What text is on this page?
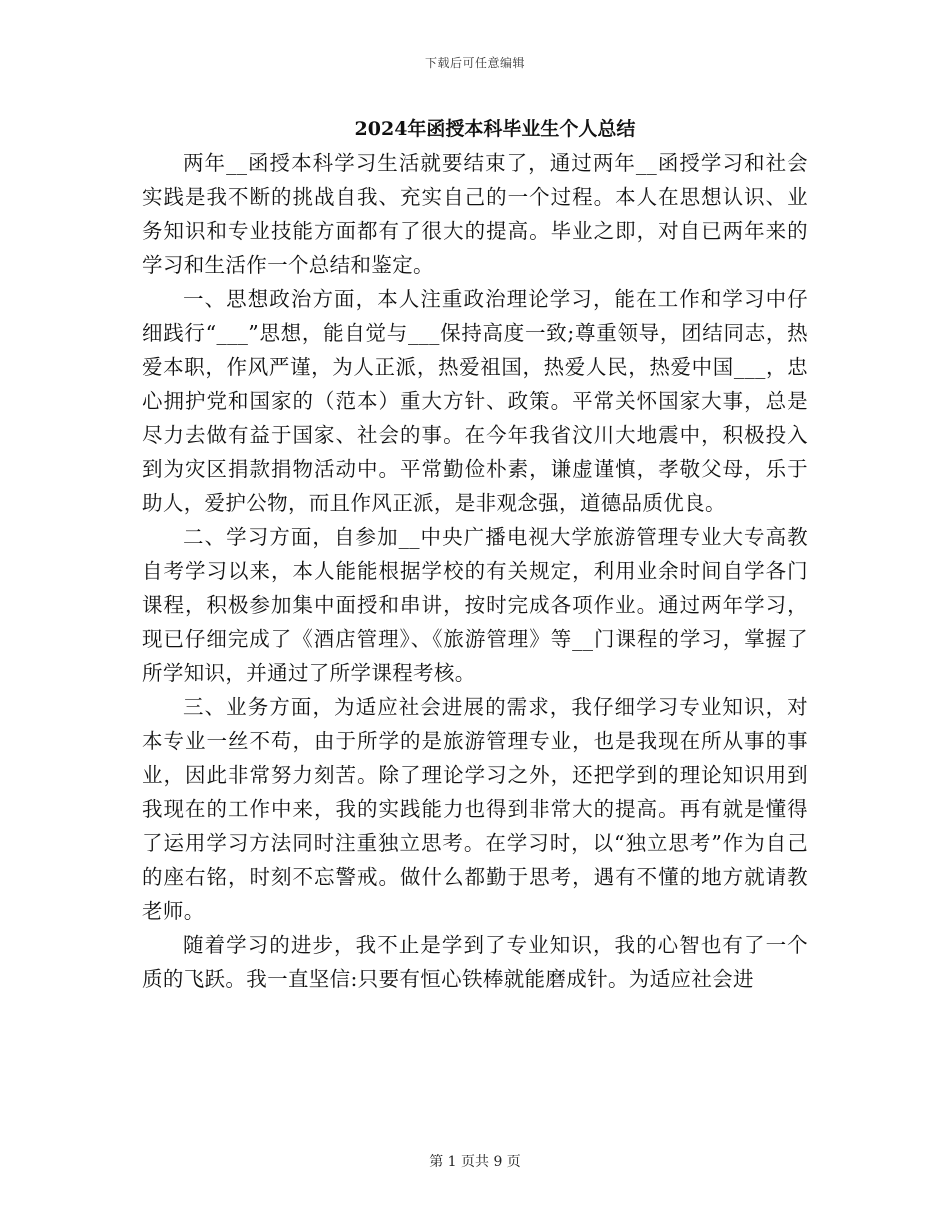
下载后可任意编辑
2024年函授本科毕业生个人总结

两年__函授本科学习生活就要结束了，通过两年__函授学习和社会实践是我不断的挑战自我、充实自己的一个过程。本人在思想认识、业务知识和专业技能方面都有了很大的提高。毕业之即，对自已两年来的学习和生活作一个总结和鉴定。

一、思想政治方面，本人注重政治理论学习，能在工作和学习中仔细践行“___”思想，能自觉与___保持高度一致;尊重领导，团结同志，热爱本职，作风严谨，为人正派，热爱祖国，热爱人民，热爱中国___，忠心拥护党和国家的（范本）重大方针、政策。平常关怀国家大事，总是尽力去做有益于国家、社会的事。在今年我省汶川大地震中，积极投入到为灾区捐款捐物活动中。平常勤俭朴素，谦虚谨慎，孝敬父母，乐于助人，爱护公物，而且作风正派，是非观念强，道德品质优良。

二、学习方面，自参加__中央广播电视大学旅游管理专业大专高教自考学习以来，本人能能根据学校的有关规定，利用业余时间自学各门课程，积极参加集中面授和串讲，按时完成各项作业。通过两年学习，现已仔细完成了《酒店管理》、《旅游管理》等__门课程的学习，掌握了所学知识，并通过了所学课程考核。

三、业务方面，为适应社会进展的需求，我仔细学习专业知识，对本专业一丝不苟，由于所学的是旅游管理专业，也是我现在所从事的事业，因此非常努力刻苦。除了理论学习之外，还把学到的理论知识用到我现在的工作中来，我的实践能力也得到非常大的提高。再有就是懂得了运用学习方法同时注重独立思考。在学习时，以“独立思考”作为自己的座右铭，时刻不忘警戒。做什么都勤于思考，遇有不懂的地方就请教老师。

随着学习的进步，我不止是学到了专业知识，我的心智也有了一个质的飞跃。我一直坚信:只要有恒心铁棒就能磨成针。为适应社会进

第 1 页共 9 页
